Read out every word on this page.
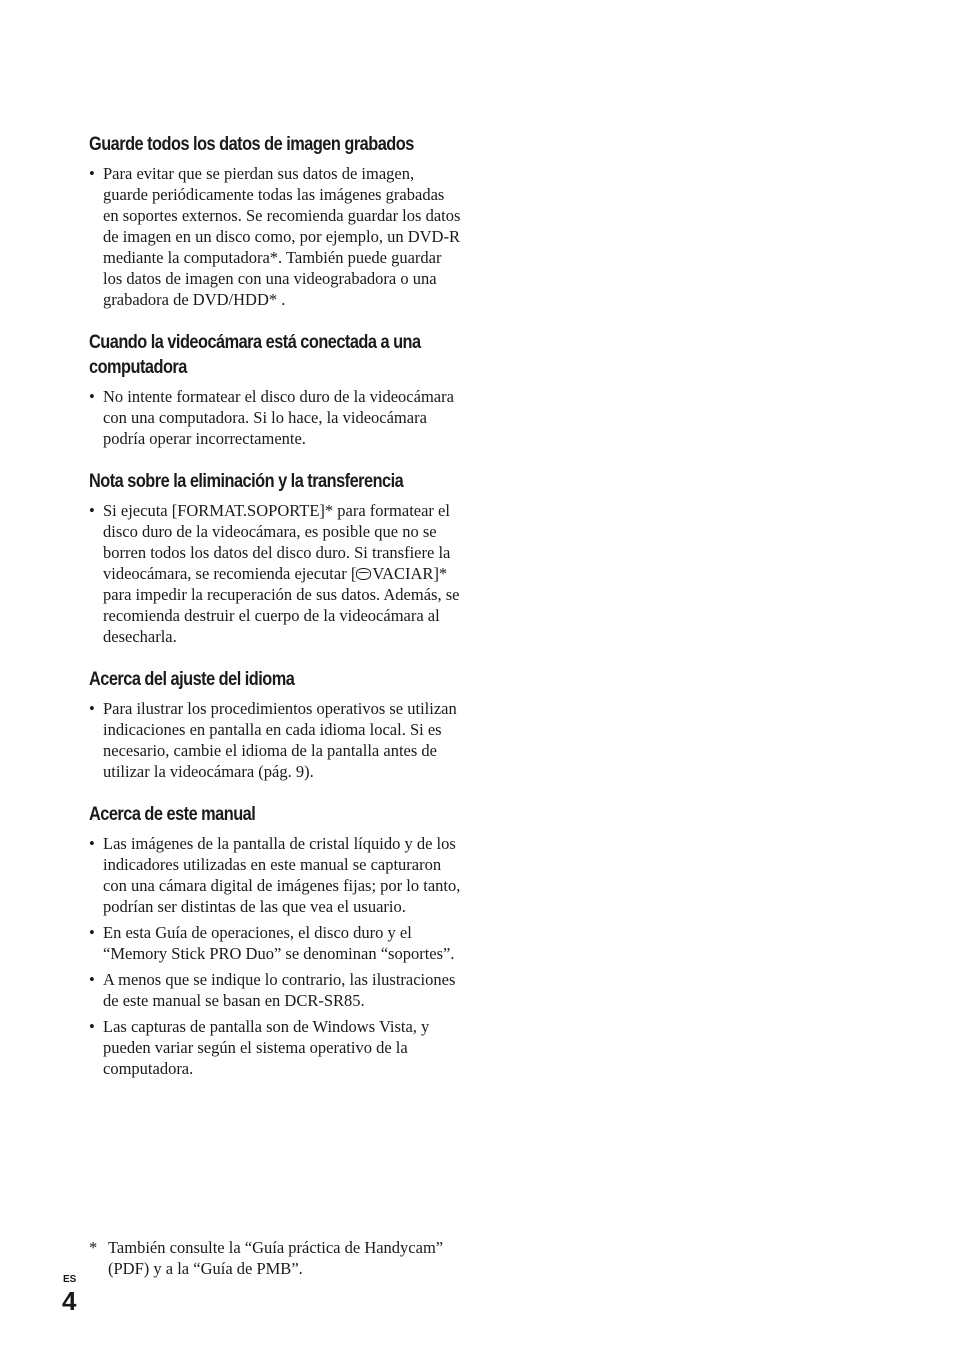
Guarde todos los datos de imagen grabados
• Para evitar que se pierdan sus datos de imagen, guarde periódicamente todas las imágenes grabadas en soportes externos. Se recomienda guardar los datos de imagen en un disco como, por ejemplo, un DVD-R mediante la computadora*. También puede guardar los datos de imagen con una videograbadora o una grabadora de DVD/HDD* .
Cuando la videocámara está conectada a una computadora
• No intente formatear el disco duro de la videocámara con una computadora. Si lo hace, la videocámara podría operar incorrectamente.
Nota sobre la eliminación y la transferencia
• Si ejecuta [FORMAT.SOPORTE]* para formatear el disco duro de la videocámara, es posible que no se borren todos los datos del disco duro. Si transfiere la videocámara, se recomienda ejecutar [ VACIAR]* para impedir la recuperación de sus datos. Además, se recomienda destruir el cuerpo de la videocámara al desecharla.
Acerca del ajuste del idioma
• Para ilustrar los procedimientos operativos se utilizan indicaciones en pantalla en cada idioma local. Si es necesario, cambie el idioma de la pantalla antes de utilizar la videocámara (pág. 9).
Acerca de este manual
• Las imágenes de la pantalla de cristal líquido y de los indicadores utilizadas en este manual se capturaron con una cámara digital de imágenes fijas; por lo tanto, podrían ser distintas de las que vea el usuario.
• En esta Guía de operaciones, el disco duro y el “Memory Stick PRO Duo” se denominan “soportes”.
• A menos que se indique lo contrario, las ilustraciones de este manual se basan en DCR-SR85.
• Las capturas de pantalla son de Windows Vista, y pueden variar según el sistema operativo de la computadora.
* También consulte la “Guía práctica de Handycam” (PDF) y a la “Guía de PMB”.
ES
4
